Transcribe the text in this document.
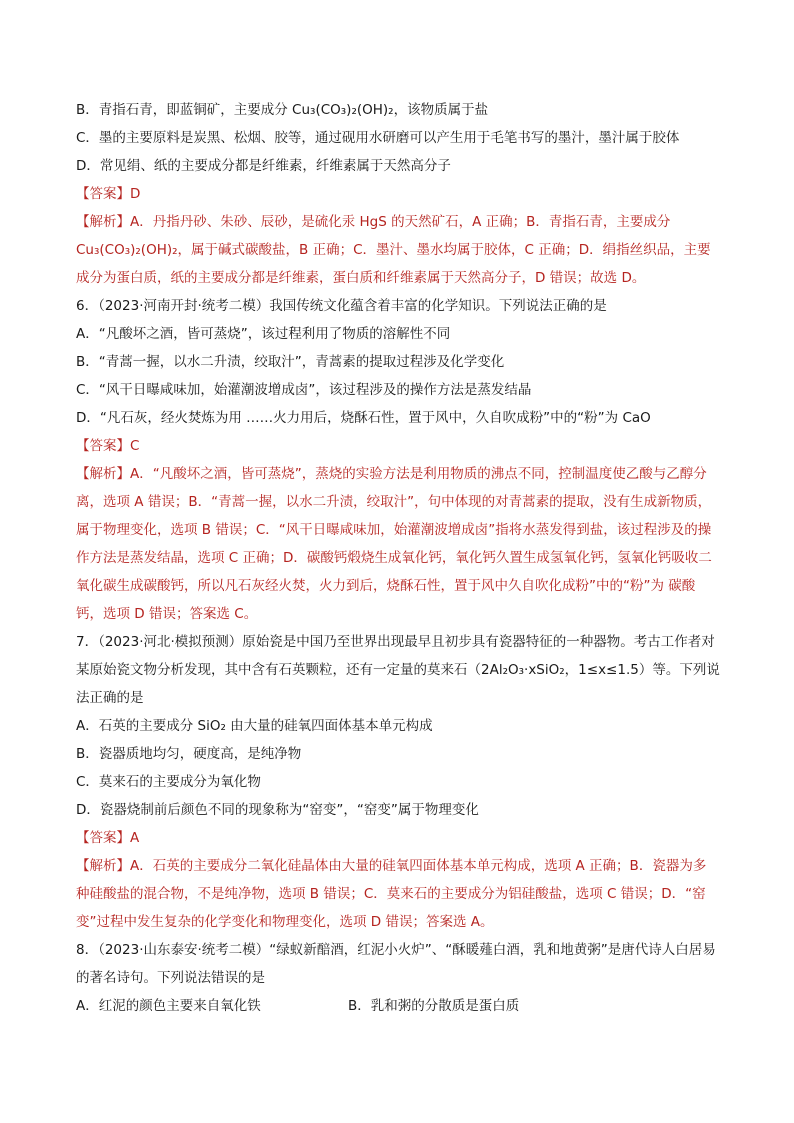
B．青指石青，即蓝铜矿，主要成分 Cu₃(CO₃)₂(OH)₂，该物质属于盐
C．墨的主要原料是炭黑、松烟、胶等，通过砚用水研磨可以产生用于毛笔书写的墨汁，墨汁属于胶体
D．常见绢、纸的主要成分都是纤维素，纤维素属于天然高分子
【答案】D
【解析】A．丹指丹砂、朱砂、辰砂，是硫化汞 HgS 的天然矿石，A 正确；B．青指石青，主要成分
Cu₃(CO₃)₂(OH)₂，属于碱式碳酸盐，B 正确；C．墨汁、墨水均属于胶体，C 正确；D．绢指丝织品，主要
成分为蛋白质，纸的主要成分都是纤维素，蛋白质和纤维素属于天然高分子，D 错误；故选 D。
6．（2023·河南开封·统考二模）我国传统文化蕴含着丰富的化学知识。下列说法正确的是
A．“凡酸坏之酒，皆可蒸烧”，该过程利用了物质的溶解性不同
B．“青蒿一握，以水二升渍，绞取汁”，青蒿素的提取过程涉及化学变化
C．“风干日曝咸味加，始灌潮波增成卤”，该过程涉及的操作方法是蒸发结晶
D．“凡石灰，经火焚炼为用 ……火力用后，烧酥石性，置于风中，久自吹成粉”中的“粉”为 CaO
【答案】C
【解析】A．“凡酸坏之酒，皆可蒸烧”，蒸烧的实验方法是利用物质的沸点不同，控制温度使乙酸与乙醇分
离，选项 A 错误；B．“青蒿一握，以水二升渍，绞取汁”，句中体现的对青蒿素的提取，没有生成新物质，
属于物理变化，选项 B 错误；C．“风干日曝咸味加，始灌潮波增成卤”指将水蒸发得到盐，该过程涉及的操
作方法是蒸发结晶，选项 C 正确；D．碳酸钙煅烧生成氧化钙，氧化钙久置生成氢氧化钙，氢氧化钙吸收二
氧化碳生成碳酸钙，所以凡石灰经火焚，火力到后，烧酥石性，置于风中久自吹化成粉”中的“粉”为 碳酸
钙，选项 D 错误；答案选 C。
7．（2023·河北·模拟预测）原始瓷是中国乃至世界出现最早且初步具有瓷器特征的一种器物。考古工作者对
某原始瓷文物分析发现，其中含有石英颗粒，还有一定量的莫来石（2Al₂O₃·xSiO₂，1≤x≤1.5）等。下列说
法正确的是
A．石英的主要成分 SiO₂ 由大量的硅氧四面体基本单元构成
B．瓷器质地均匀，硬度高，是纯净物
C．莫来石的主要成分为氧化物
D．瓷器烧制前后颜色不同的现象称为“窑变”，“窑变”属于物理变化
【答案】A
【解析】A．石英的主要成分二氧化硅晶体由大量的硅氧四面体基本单元构成，选项 A 正确；B．瓷器为多
种硅酸盐的混合物，不是纯净物，选项 B 错误；C．莫来石的主要成分为铝硅酸盐，选项 C 错误；D．“窑
变”过程中发生复杂的化学变化和物理变化，选项 D 错误；答案选 A。
8．（2023·山东泰安·统考二模）“绿蚁新醅酒，红泥小火炉”、“酥暖薤白酒，乳和地黄粥”是唐代诗人白居易
的著名诗句。下列说法错误的是
A．红泥的颜色主要来自氧化铁	B．乳和粥的分散质是蛋白质
